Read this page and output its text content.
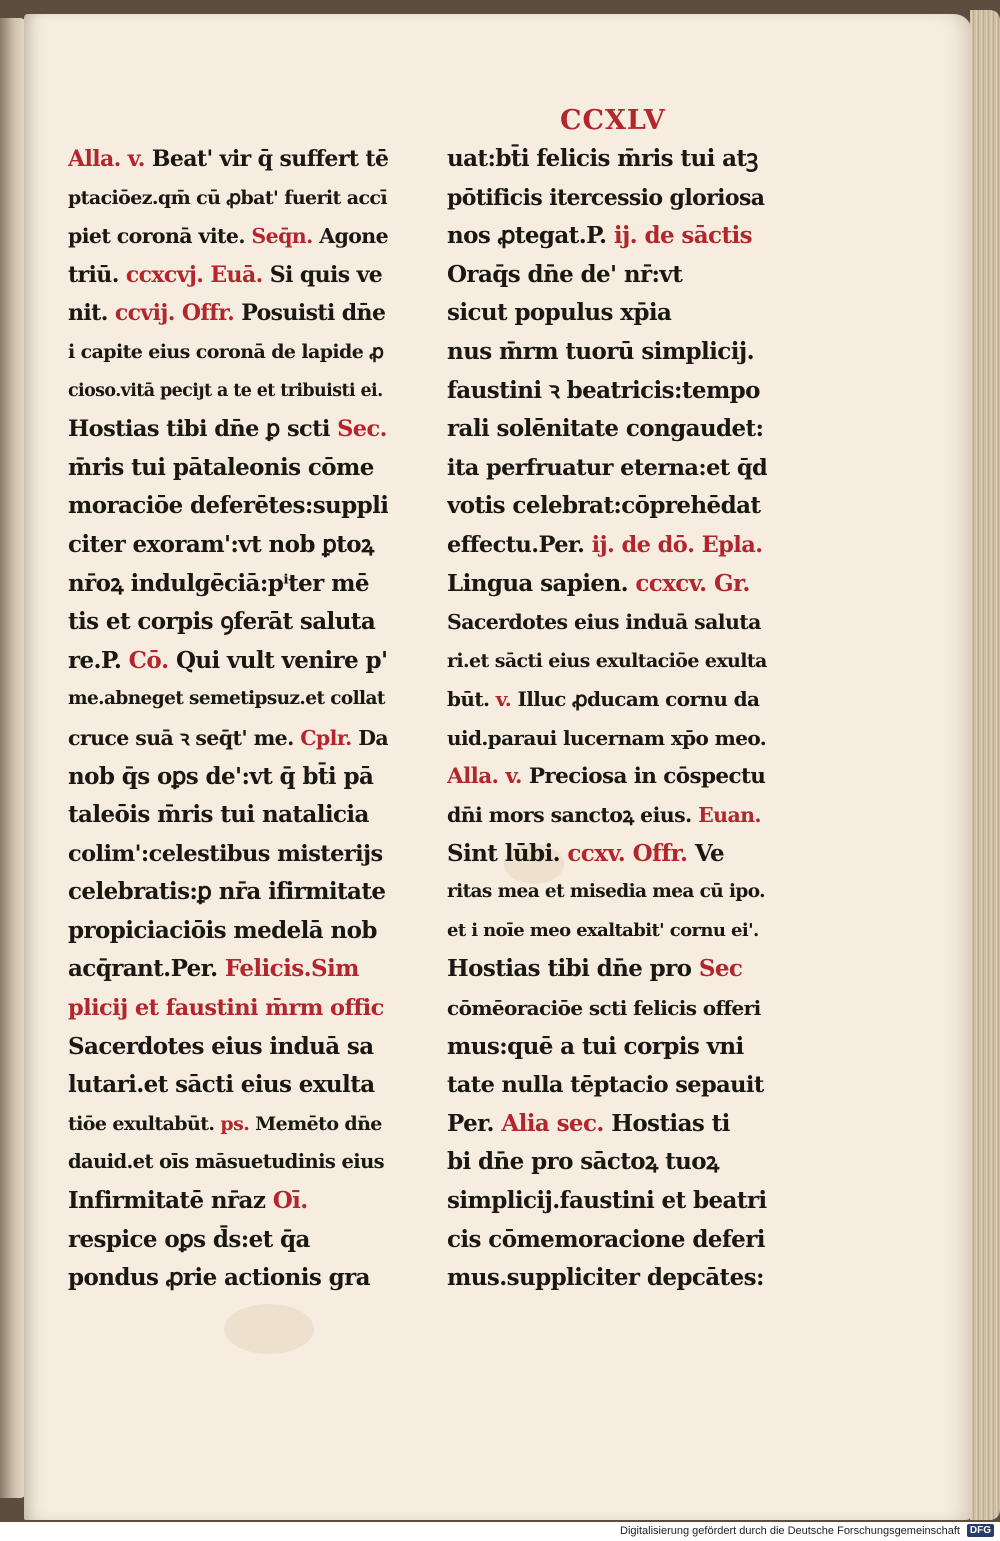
CCXLV
Alla. v. Beat' vir q̄ suffert tē
ptaciōez.qm̄ cū ꝓbat' fuerit accī
piet coronā vite. Seq̄n. Agone
triū. ccxcvj. Euā. Si quis ve
nit. ccvij. Offr. Posuisti dn̄e
i capite eius coronā de lapide ꝓ
cioso.vitā peciȷt a te et tribuisti ei.
Hostias tibi dn̄e ꝑ scti Sec.
m̄ris tui pātaleonis cōme
moraciōe deferētes:suppli
citer exoram':vt nob ꝑtoꝝ
nr̄oꝝ indulgēciā:pⁱter mē
tis et corpis ꝯferāt saluta
re.P. Cō. Qui vult venire p'
me.abneget semetipsuz.et collat
cruce suā ꝛ seq̄t' me. Cplr. Da
nob q̄s oꝑs de':vt q̄ bt̄i pā
taleōis m̄ris tui natalicia
colim':celestibus misterijs
celebratis:ꝑ nr̄a ifirmitate
propiciaciōis medelā nob
acq̄rant.Per. Felicis.Sim
plicij et faustini m̄rm offic
Sacerdotes eius induā sa
lutari.et sācti eius exulta
tiōe exultabūt. ps. Memēto dn̄e
dauid.et oīs māsuetudinis eius
Infirmitatē nr̄az Oī.
respice oꝑs d̄s:et q̄a
pondus ꝓrie actionis gra
uat:bt̄i felicis m̄ris tui atꝫ
pōtificis itercessio gloriosa
nos ꝓtegat.P. ij. de sāctis
Oraq̄s dn̄e de' nr̄:vt
sicut populus xp̄ia
nus m̄rm tuorū simplicij.
faustini ꝛ beatricis:tempo
rali solēnitate congaudet:
ita perfruatur eterna:et q̄d
votis celebrat:cōprehēdat
effectu.Per. ij. de dō. Epla.
Lingua sapien. ccxcv. Gr.
Sacerdotes eius induā saluta
ri.et sācti eius exultaciōe exulta
būt. v. Illuc ꝓducam cornu da
uid.paraui lucernam xp̄o meo.
Alla. v. Preciosa in cōspectu
dn̄i mors sanctoꝝ eius. Euan.
Sint lūbi. ccxv. Offr. Ve
ritas mea et misedia mea cū ipo.
et i noīe meo exaltabit' cornu ei'.
Hostias tibi dn̄e pro Sec
cōmēoraciōe scti felicis offeri
mus:quē a tui corpis vni
tate nulla tēptacio sepauit
Per. Alia sec. Hostias ti
bi dn̄e pro sāctoꝝ tuoꝝ
simplicij.faustini et beatri
cis cōmemoracione deferi
mus.suppliciter depcātes:
Digitalisierung gefördert durch die Deutsche Forschungsgemeinschaft DFG
